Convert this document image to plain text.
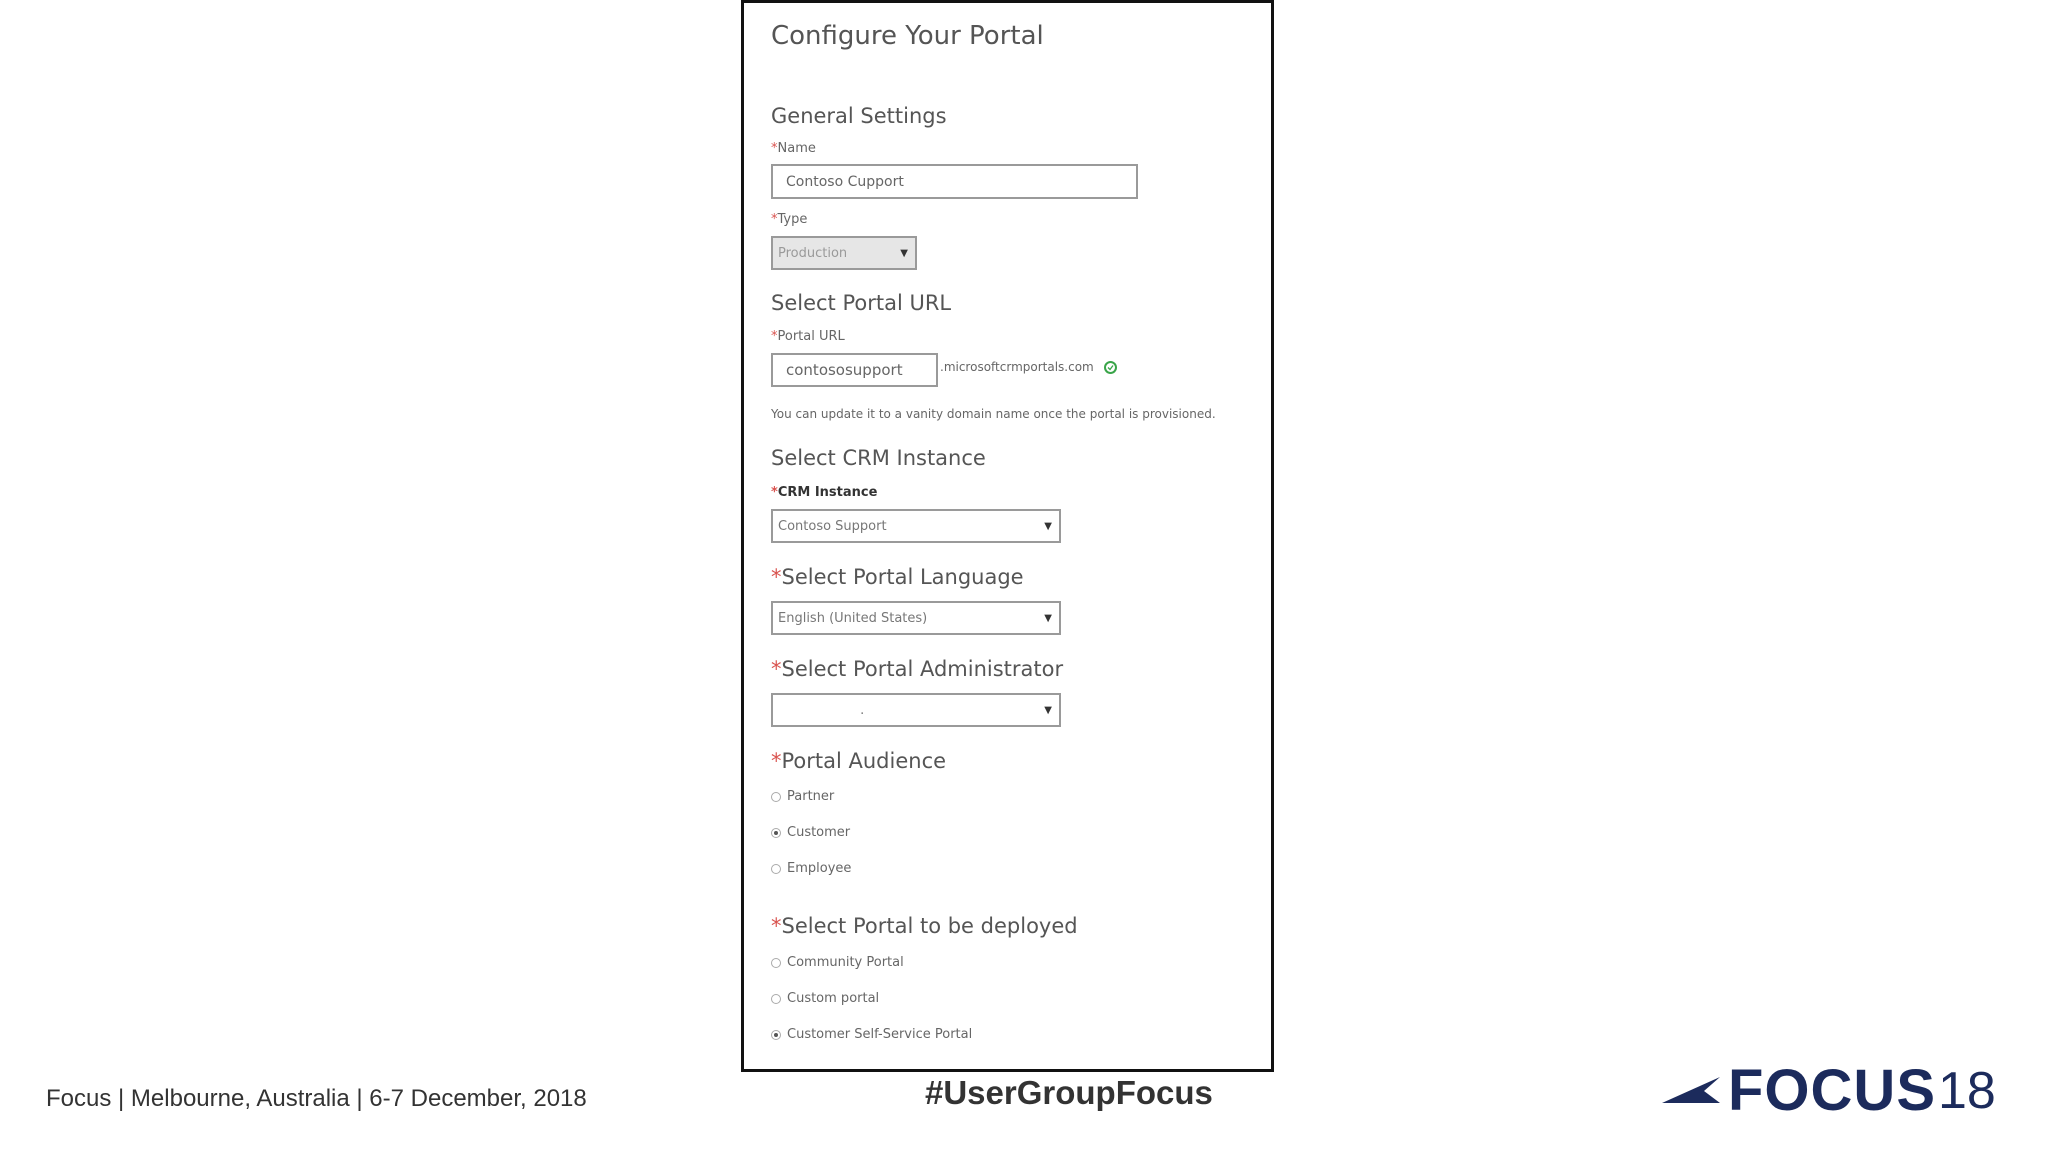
Configure Your Portal
General Settings
*Name
Contoso Cupport
*Type
Production	▼
Select Portal URL
*Portal URL
contososupport	.microsoftcrmportals.com
You can update it to a vanity domain name once the portal is provisioned.
Select CRM Instance
*CRM Instance
Contoso Support	▼
*Select Portal Language
English (United States)	▼
*Select Portal Administrator
.	▼
*Portal Audience
Partner
Customer
Employee
*Select Portal to be deployed
Community Portal
Custom portal
Customer Self-Service Portal
Focus | Melbourne, Australia | 6-7 December, 2018	#UserGroupFocus	FOCUS 18
